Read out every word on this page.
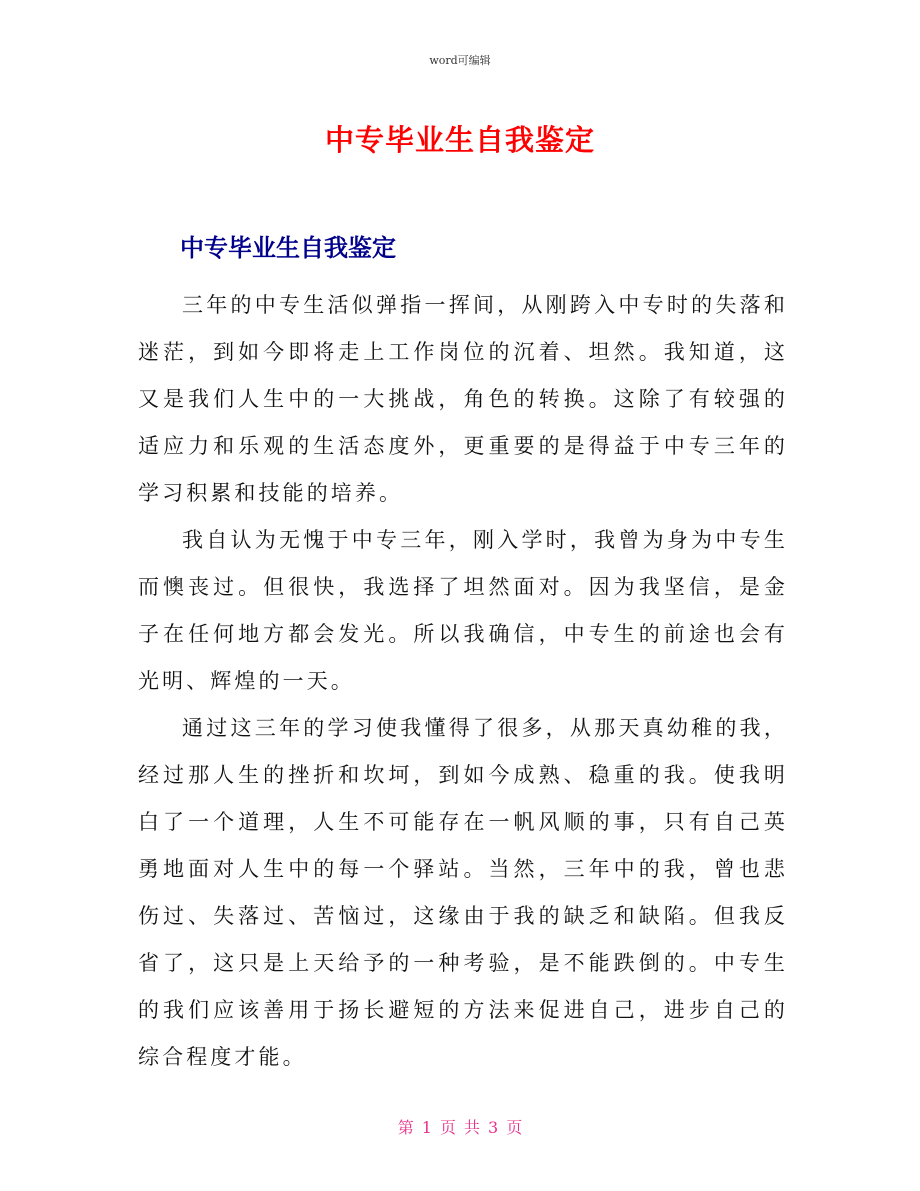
word可编辑
中专毕业生自我鉴定
中专毕业生自我鉴定

三年的中专生活似弹指一挥间，从刚跨入中专时的失落和迷茫，到如今即将走上工作岗位的沉着、坦然。我知道，这又是我们人生中的一大挑战，角色的转换。这除了有较强的适应力和乐观的生活态度外，更重要的是得益于中专三年的学习积累和技能的培养。

我自认为无愧于中专三年，刚入学时，我曾为身为中专生而懊丧过。但很快，我选择了坦然面对。因为我坚信，是金子在任何地方都会发光。所以我确信，中专生的前途也会有光明、辉煌的一天。

通过这三年的学习使我懂得了很多，从那天真幼稚的我，经过那人生的挫折和坎坷，到如今成熟、稳重的我。使我明白了一个道理，人生不可能存在一帆风顺的事，只有自己英勇地面对人生中的每一个驿站。当然，三年中的我，曾也悲伤过、失落过、苦恼过，这缘由于我的缺乏和缺陷。但我反省了，这只是上天给予的一种考验，是不能跌倒的。中专生的我们应该善用于扬长避短的方法来促进自己，进步自己的综合程度才能。

第 1 页 共 3 页
